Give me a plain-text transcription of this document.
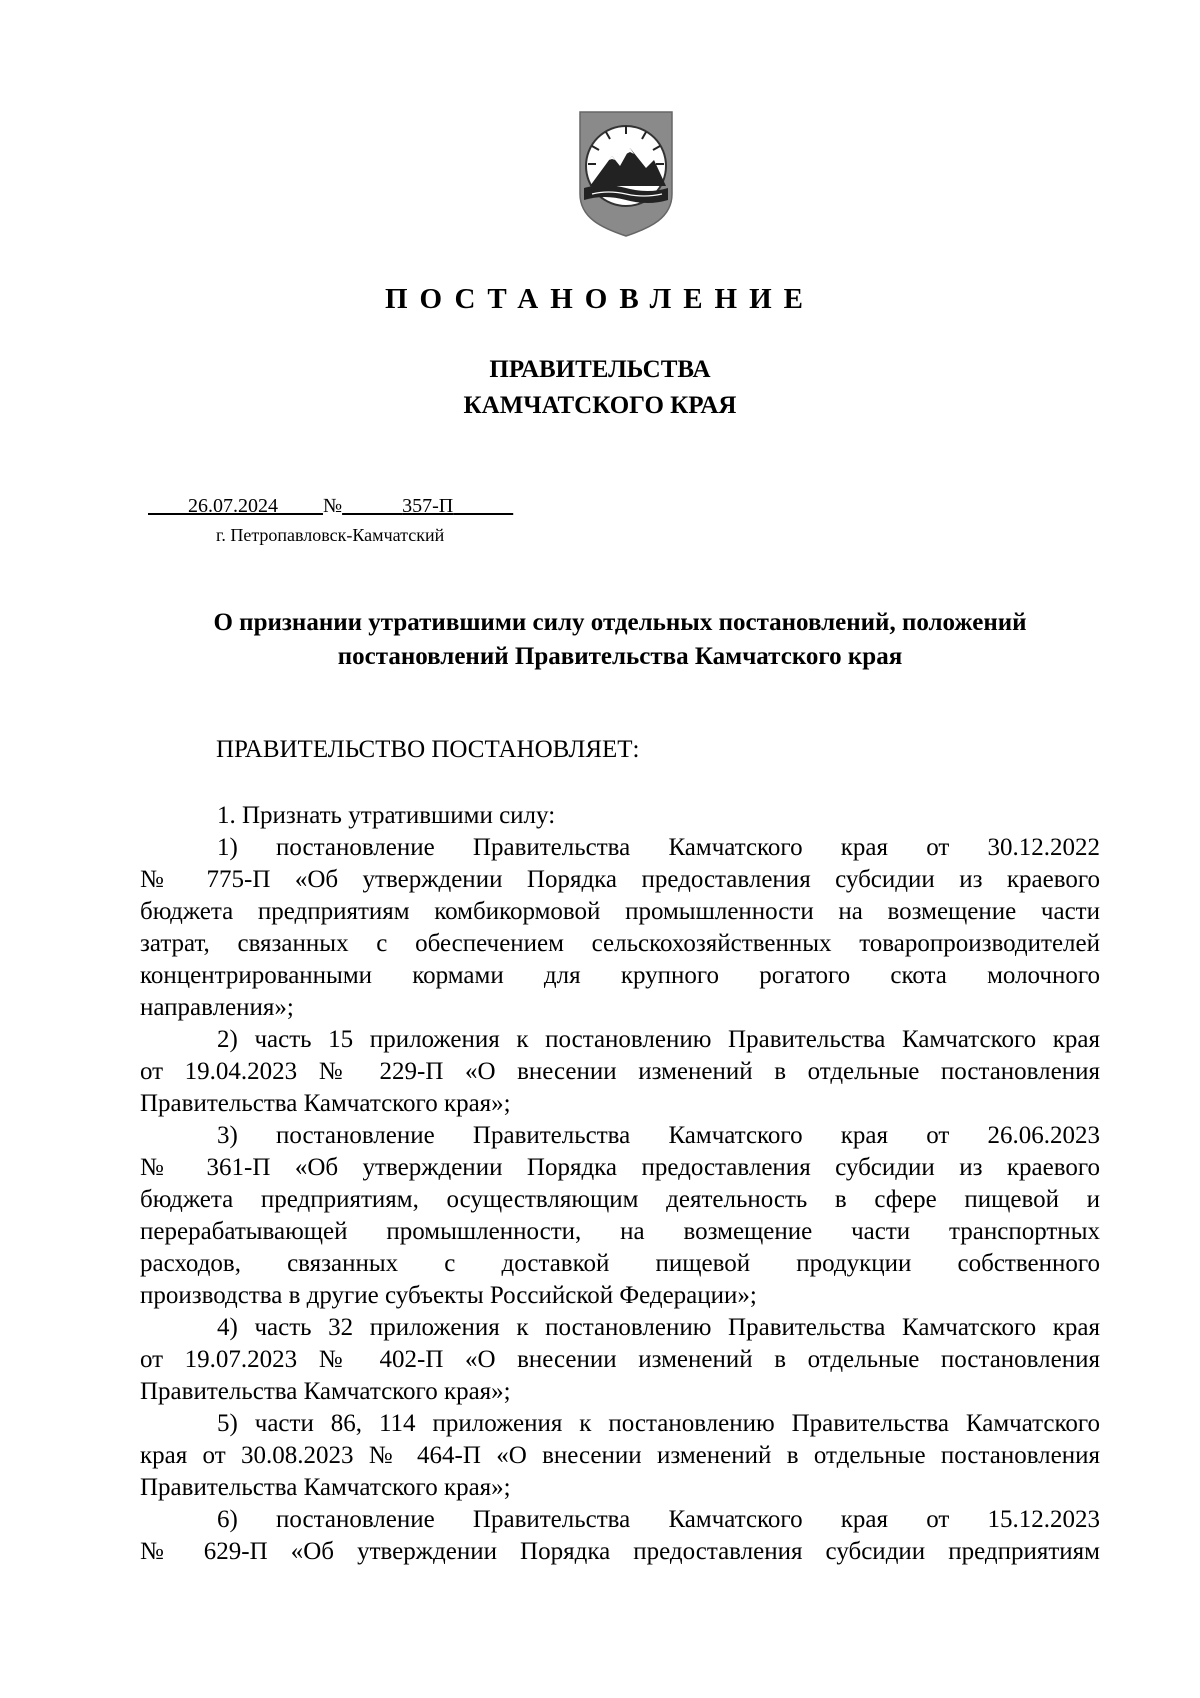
ПОСТАНОВЛЕНИЕ
ПРАВИТЕЛЬСТВА
КАМЧАТСКОГО КРАЯ
26.07.2024 №	357-П
г. Петропавловск-Камчатский
О признании утратившими силу отдельных постановлений, положений
постановлений Правительства Камчатского края
ПРАВИТЕЛЬСТВО ПОСТАНОВЛЯЕТ:
1. Признать утратившими силу:
1) постановление Правительства Камчатского края от 30.12.2022
№ 775-П «Об утверждении Порядка предоставления субсидии из краевого
бюджета предприятиям комбикормовой промышленности на возмещение части
затрат, связанных с обеспечением сельскохозяйственных товаропроизводителей
концентрированными кормами для крупного рогатого скота молочного
направления»;
2) часть 15 приложения к постановлению Правительства Камчатского края
от 19.04.2023 № 229-П «О внесении изменений в отдельные постановления
Правительства Камчатского края»;
3) постановление Правительства Камчатского края от 26.06.2023
№ 361-П «Об утверждении Порядка предоставления субсидии из краевого
бюджета предприятиям, осуществляющим деятельность в сфере пищевой и
перерабатывающей промышленности, на возмещение части транспортных
расходов, связанных с доставкой пищевой продукции собственного
производства в другие субъекты Российской Федерации»;
4) часть 32 приложения к постановлению Правительства Камчатского края
от 19.07.2023 № 402-П «О внесении изменений в отдельные постановления
Правительства Камчатского края»;
5) части 86, 114 приложения к постановлению Правительства Камчатского
края от 30.08.2023 № 464-П «О внесении изменений в отдельные постановления
Правительства Камчатского края»;
6) постановление Правительства Камчатского края от 15.12.2023
№ 629-П «Об утверждении Порядка предоставления субсидии предприятиям
